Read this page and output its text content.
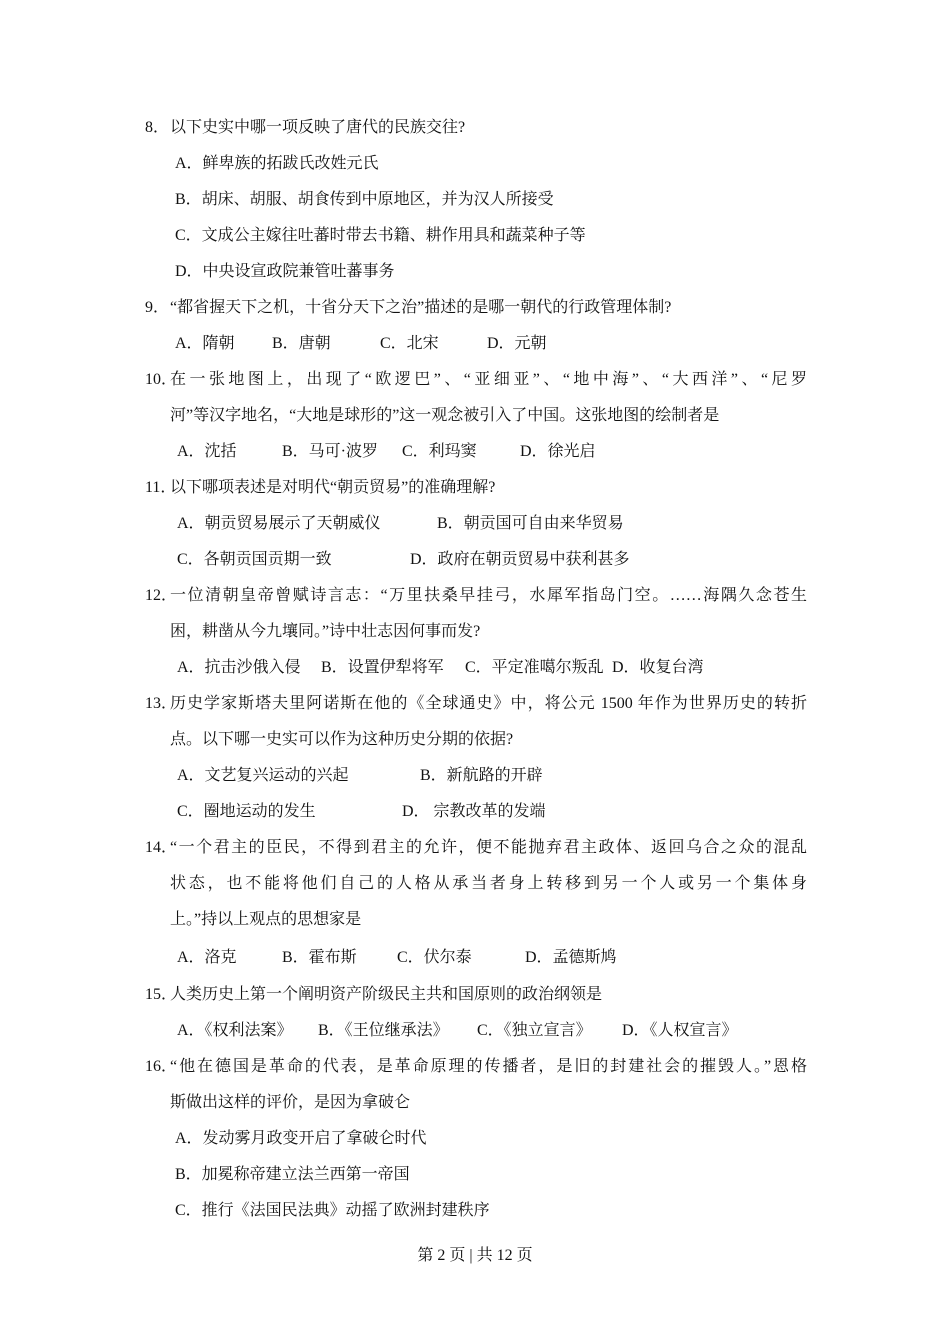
8．以下史实中哪一项反映了唐代的民族交往?
A．鲜卑族的拓跋氏改姓元氏
B．胡床、胡服、胡食传到中原地区，并为汉人所接受
C．文成公主嫁往吐蕃时带去书籍、耕作用具和蔬菜种子等
D．中央设宣政院兼管吐蕃事务
9．“都省握天下之机，十省分天下之治”描述的是哪一朝代的行政管理体制?
A．隋朝 B．唐朝	C．北宋	D．元朝
10．
在一张地图上，出现了“欧逻巴”、“亚细亚”、“地中海”、“大西洋”、“尼罗
河”等汉字地名，“大地是球形的”这一观念被引入了中国。这张地图的绘制者是
A．沈括	B．马可·波罗 C．利玛窦	D．徐光启
11．以下哪项表述是对明代“朝贡贸易”的准确理解?
A．朝贡贸易展示了天朝威仪	B．朝贡国可自由来华贸易
C．各朝贡国贡期一致	D．政府在朝贡贸易中获利甚多
12．
一位清朝皇帝曾赋诗言志：“万里扶桑早挂弓，水犀军指岛门空。……海隅久念苍生
困，耕凿从今九壤同。”诗中壮志因何事而发?
A．抗击沙俄入侵 B．设置伊犁将军 C．平定准噶尔叛乱 D．收复台湾
13．
历史学家斯塔夫里阿诺斯在他的《全球通史》中，将公元 1500 年作为世界历史的转折
点。以下哪一史实可以作为这种历史分期的依据?
A．文艺复兴运动的兴起	B．新航路的开辟
C．圈地运动的发生	D． 宗教改革的发端
14．
“一个君主的臣民，不得到君主的允许，便不能抛弃君主政体、返回乌合之众的混乱
状态，也不能将他们自己的人格从承当者身上转移到另一个人或另一个集体身
上。”持以上观点的思想家是
A．洛克	B．霍布斯	C．伏尔泰	D．孟德斯鸠
15．人类历史上第一个阐明资产阶级民主共和国原则的政治纲领是
A．《权利法案》 B．《王位继承法》 C．《独立宣言》 D．《人权宣言》
16．
“他在德国是革命的代表，是革命原理的传播者，是旧的封建社会的摧毁人。”恩格
斯做出这样的评价，是因为拿破仑
A．发动雾月政变开启了拿破仑时代
B．加冕称帝建立法兰西第一帝国
C．推行《法国民法典》动摇了欧洲封建秩序
第 2 页 | 共 12 页
